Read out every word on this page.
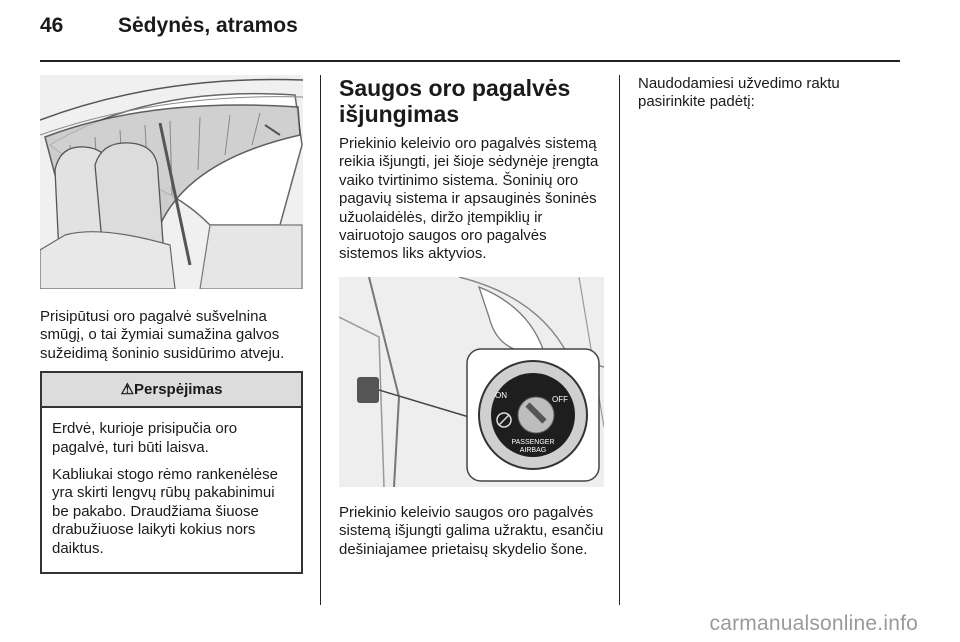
46	Sėdynės, atramos

Prisipūtusi oro pagalvė sušvelnina smūgį, o tai žymiai sumažina galvos sužeidimą šoninio susidūrimo atveju.

⚠Perspėjimas

Erdvė, kurioje prisipučia oro pagalvė, turi būti laisva.

Kabliukai stogo rėmo rankenėlėse yra skirti lengvų rūbų pakabinimui be pakabo. Draudžiama šiuose drabužiuose laikyti kokius nors daiktus.

Saugos oro pagalvės išjungimas

Priekinio keleivio oro pagalvės sistemą reikia išjungti, jei šioje sėdynėje įrengta vaiko tvirtinimo sistema. Šoninių oro pagavių sistema ir apsauginės šoninės užuolaidėlės, diržo įtempiklių ir vairuotojo saugos oro pagalvės sistemos liks aktyvios.

ON	OFF
PASSENGER
AIRBAG

Priekinio keleivio saugos oro pagalvės sistemą išjungti galima užraktu, esančiu dešiniajamee prietaisų skydelio šone.

Naudodamiesi užvedimo raktu pasirinkite padėtį:

carmanualsonline.info
